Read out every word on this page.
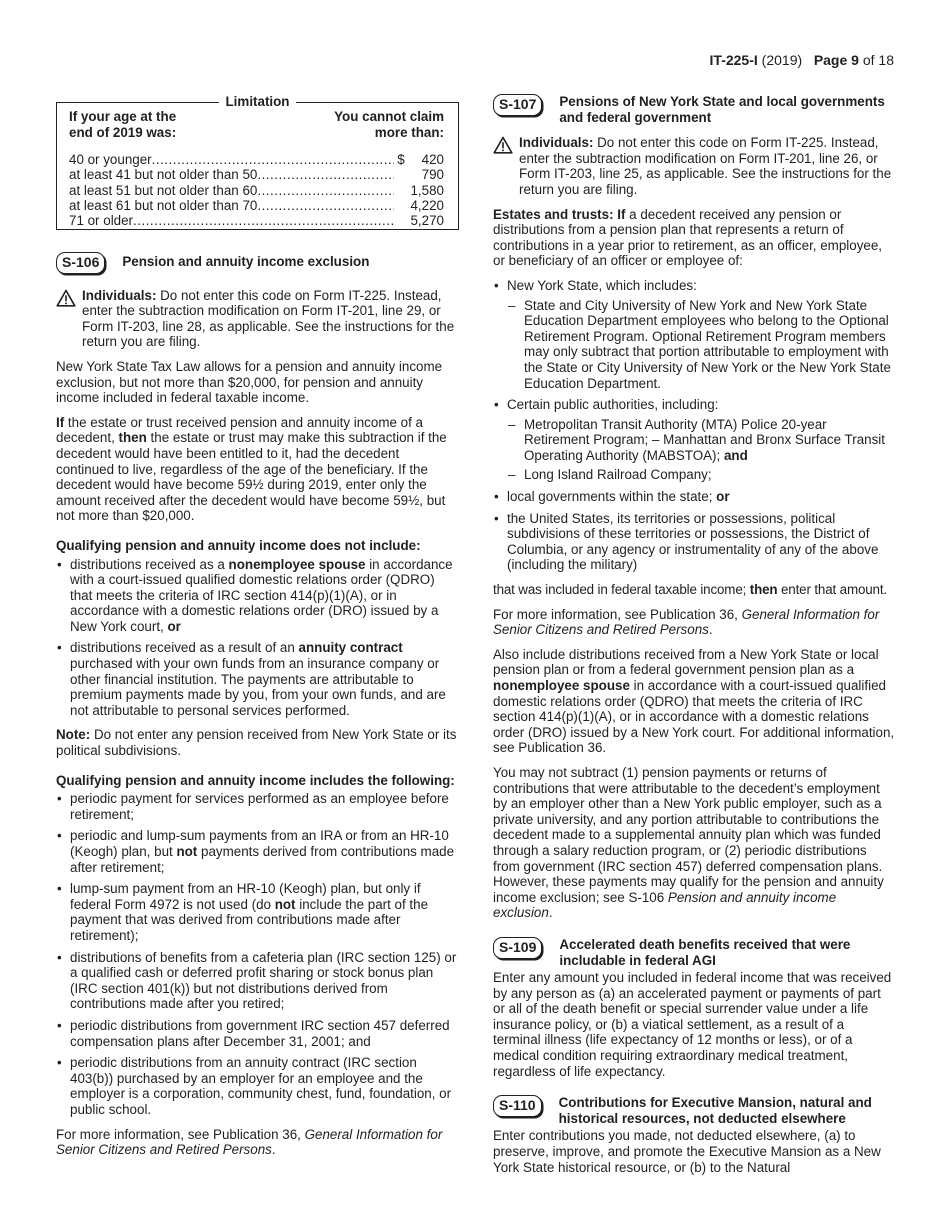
IT-225-I (2019) Page 9 of 18
Limitation
If your age at the
end of 2019 was:
You cannot claim
more than:
40 or younger .....	$	420
at least 41 but not older than 50 .....	790
at least 51 but not older than 60 .....	1,580
at least 61 but not older than 70 .....	4,220
71 or older .....	5,270
S-106	Pension and annuity income exclusion

Individuals: Do not enter this code on Form IT-225. Instead, enter the subtraction modification on Form IT-201, line 29, or Form IT-203, line 28, as applicable. See the instructions for the return you are filing.

New York State Tax Law allows for a pension and annuity income exclusion, but not more than $20,000, for pension and annuity income included in federal taxable income.

If the estate or trust received pension and annuity income of a decedent, then the estate or trust may make this subtraction if the decedent would have been entitled to it, had the decedent continued to live, regardless of the age of the beneficiary. If the decedent would have become 59½ during 2019, enter only the amount received after the decedent would have become 59½, but not more than $20,000.

Qualifying pension and annuity income does not include:
• distributions received as a nonemployee spouse in accordance with a court-issued qualified domestic relations order (QDRO) that meets the criteria of IRC section 414(p)(1)(A), or in accordance with a domestic relations order (DRO) issued by a New York court, or
• distributions received as a result of an annuity contract purchased with your own funds from an insurance company or other financial institution. The payments are attributable to premium payments made by you, from your own funds, and are not attributable to personal services performed.

Note: Do not enter any pension received from New York State or its political subdivisions.

Qualifying pension and annuity income includes the following:
• periodic payment for services performed as an employee before retirement;
• periodic and lump-sum payments from an IRA or from an HR-10 (Keogh) plan, but not payments derived from contributions made after retirement;
• lump-sum payment from an HR-10 (Keogh) plan, but only if federal Form 4972 is not used (do not include the part of the payment that was derived from contributions made after retirement);
• distributions of benefits from a cafeteria plan (IRC section 125) or a qualified cash or deferred profit sharing or stock bonus plan (IRC section 401(k)) but not distributions derived from contributions made after you retired;
• periodic distributions from government IRC section 457 deferred compensation plans after December 31, 2001; and
• periodic distributions from an annuity contract (IRC section 403(b)) purchased by an employer for an employee and the employer is a corporation, community chest, fund, foundation, or public school.

For more information, see Publication 36, General Information for Senior Citizens and Retired Persons.

S-107	Pensions of New York State and local governments and federal government

Individuals: Do not enter this code on Form IT-225. Instead, enter the subtraction modification on Form IT-201, line 26, or Form IT-203, line 25, as applicable. See the instructions for the return you are filing.

Estates and trusts: If a decedent received any pension or distributions from a pension plan that represents a return of contributions in a year prior to retirement, as an officer, employee, or beneficiary of an officer or employee of:

• New York State, which includes:
– State and City University of New York and New York State Education Department employees who belong to the Optional Retirement Program. Optional Retirement Program members may only subtract that portion attributable to employment with the State or City University of New York or the New York State Education Department.
• Certain public authorities, including:
– Metropolitan Transit Authority (MTA) Police 20-year Retirement Program; – Manhattan and Bronx Surface Transit Operating Authority (MABSTOA); and
– Long Island Railroad Company;
• local governments within the state; or
• the United States, its territories or possessions, political subdivisions of these territories or possessions, the District of Columbia, or any agency or instrumentality of any of the above (including the military)

that was included in federal taxable income; then enter that amount.

For more information, see Publication 36, General Information for Senior Citizens and Retired Persons.

Also include distributions received from a New York State or local pension plan or from a federal government pension plan as a nonemployee spouse in accordance with a court-issued qualified domestic relations order (QDRO) that meets the criteria of IRC section 414(p)(1)(A), or in accordance with a domestic relations order (DRO) issued by a New York court. For additional information, see Publication 36.

You may not subtract (1) pension payments or returns of contributions that were attributable to the decedent’s employment by an employer other than a New York public employer, such as a private university, and any portion attributable to contributions the decedent made to a supplemental annuity plan which was funded through a salary reduction program, or (2) periodic distributions from government (IRC section 457) deferred compensation plans. However, these payments may qualify for the pension and annuity income exclusion; see S-106 Pension and annuity income exclusion.

S-109	Accelerated death benefits received that were includable in federal AGI

Enter any amount you included in federal income that was received by any person as (a) an accelerated payment or payments of part or all of the death benefit or special surrender value under a life insurance policy, or (b) a viatical settlement, as a result of a terminal illness (life expectancy of 12 months or less), or of a medical condition requiring extraordinary medical treatment, regardless of life expectancy.

S-110	Contributions for Executive Mansion, natural and historical resources, not deducted elsewhere

Enter contributions you made, not deducted elsewhere, (a) to preserve, improve, and promote the Executive Mansion as a New York State historical resource, or (b) to the Natural
